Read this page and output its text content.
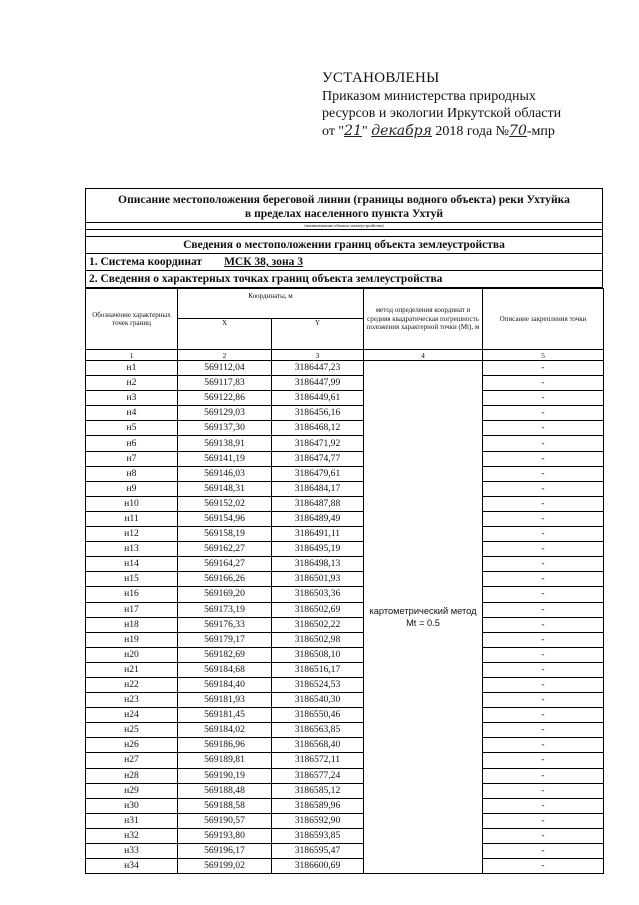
УСТАНОВЛЕНЫ
Приказом министерства природных
ресурсов и экологии Иркутской области
от "21" декабря 2018 года №70-мпр
Описание местоположения береговой линии (границы водного объекта) реки Ухтуйка
в пределах населенного пункта Ухтуй
(наименование объекта землеустройства)
Сведения о местоположении границ объекта землеустройства
1. Система координат МСК 38, зона 3
2. Сведения о характерных точках границ объекта землеустройства
Обозначение характерных точек границ	Координаты, м		метод определения координат и средняя квадратическая погрешность положения характерной точки (Мt), м	Описание закрепления точки
	X	Y		
1	2	3	4	5
н1	569112,04	3186447,23	картометрический метод Мt = 0.5	-
н2	569117,83	3186447,99		-
н3	569122,86	3186449,61		-
н4	569129,03	3186456,16		-
н5	569137,30	3186468,12		-
н6	569138,91	3186471,92		-
н7	569141,19	3186474,77		-
н8	569146,03	3186479,61		-
н9	569148,31	3186484,17		-
н10	569152,02	3186487,88		-
н11	569154,96	3186489,49		-
н12	569158,19	3186491,11		-
н13	569162,27	3186495,19		-
н14	569164,27	3186498,13		-
н15	569166,26	3186501,93		-
н16	569169,20	3186503,36		-
н17	569173,19	3186502,69		-
н18	569176,33	3186502,22		-
н19	569179,17	3186502,98		-
н20	569182,69	3186508,10		-
н21	569184,68	3186516,17		-
н22	569184,40	3186524,53		-
н23	569181,93	3186540,30		-
н24	569181,45	3186550,46		-
н25	569184,02	3186563,85		-
н26	569186,96	3186568,40		-
н27	569189,81	3186572,11		-
н28	569190,19	3186577,24		-
н29	569188,48	3186585,12		-
н30	569188,58	3186589,96		-
н31	569190,57	3186592,90		-
н32	569193,80	3186593,85		-
н33	569196,17	3186595,47		-
н34	569199,02	3186600,69		-
